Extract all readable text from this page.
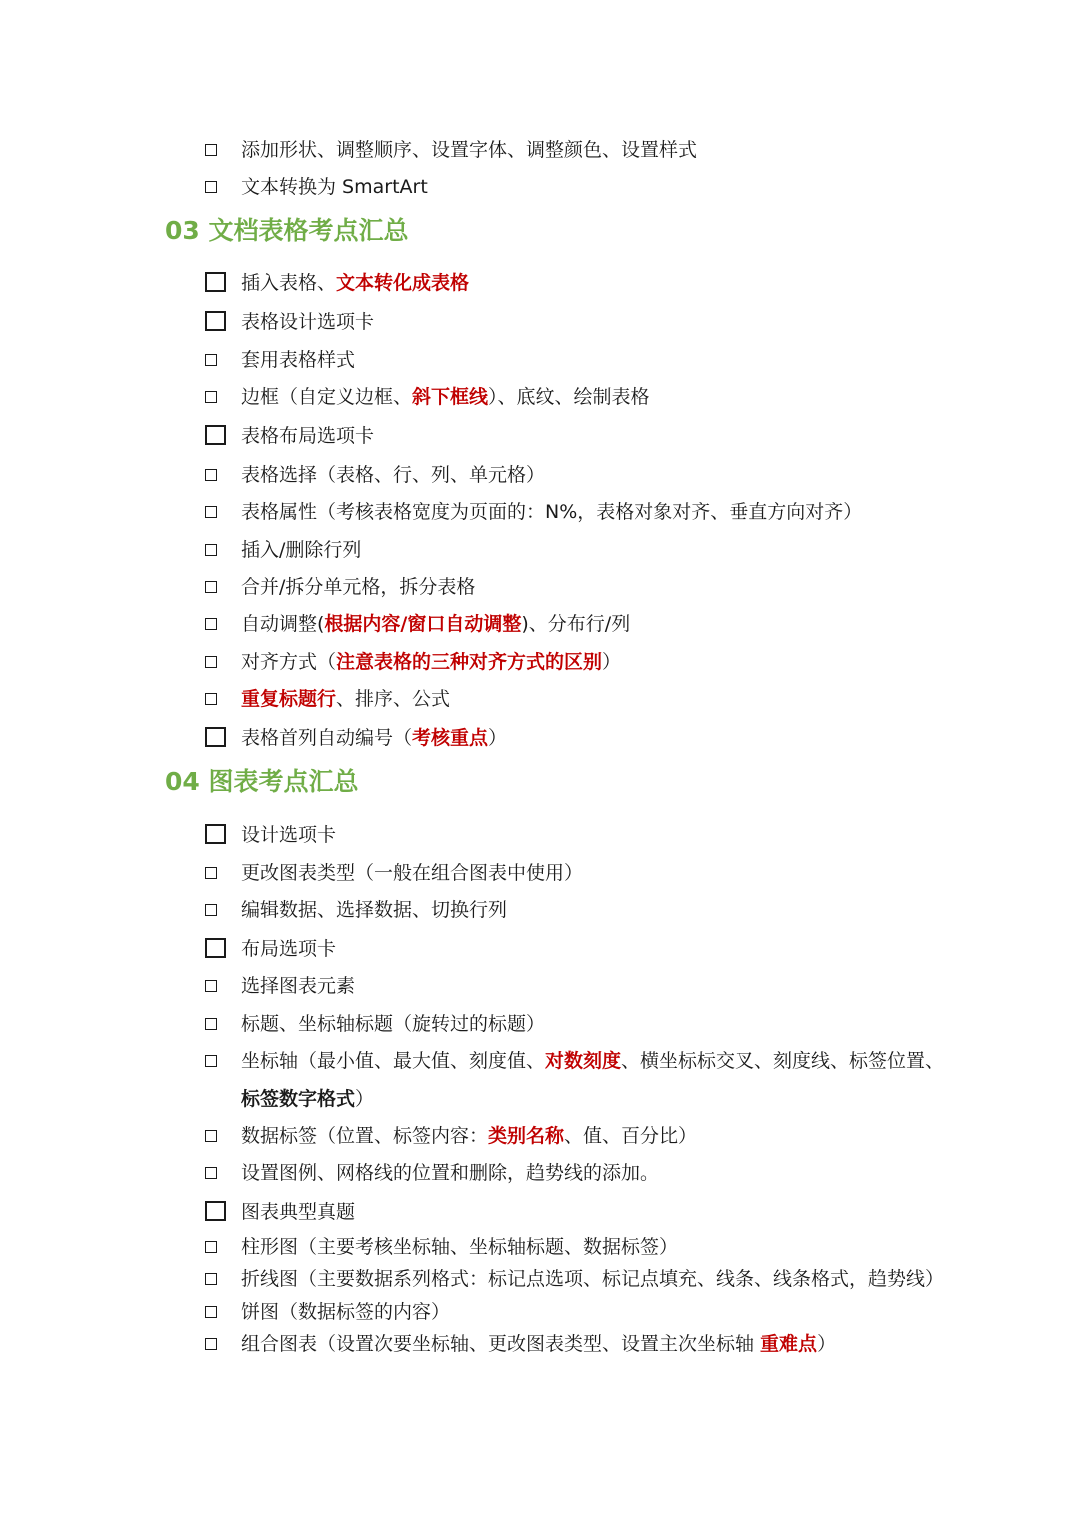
添加形状、调整顺序、设置字体、调整颜色、设置样式
文本转换为 SmartArt
03 文档表格考点汇总
插入表格、文本转化成表格
表格设计选项卡
套用表格样式
边框（自定义边框、斜下框线）、底纹、绘制表格
表格布局选项卡
表格选择（表格、行、列、单元格）
表格属性（考核表格宽度为页面的：N%，表格对象对齐、垂直方向对齐）
插入/删除行列
合并/拆分单元格，拆分表格
自动调整(根据内容/窗口自动调整)、分布行/列
对齐方式（注意表格的三种对齐方式的区别）
重复标题行、排序、公式
表格首列自动编号（考核重点）
04 图表考点汇总
设计选项卡
更改图表类型（一般在组合图表中使用）
编辑数据、选择数据、切换行列
布局选项卡
选择图表元素
标题、坐标轴标题（旋转过的标题）
坐标轴（最小值、最大值、刻度值、对数刻度、横坐标标交叉、刻度线、标签位置、
标签数字格式）
数据标签（位置、标签内容：类别名称、值、百分比）
设置图例、网格线的位置和删除，趋势线的添加。
图表典型真题
柱形图（主要考核坐标轴、坐标轴标题、数据标签）
折线图（主要数据系列格式：标记点选项、标记点填充、线条、线条格式，趋势线）
饼图（数据标签的内容）
组合图表（设置次要坐标轴、更改图表类型、设置主次坐标轴 重难点）
